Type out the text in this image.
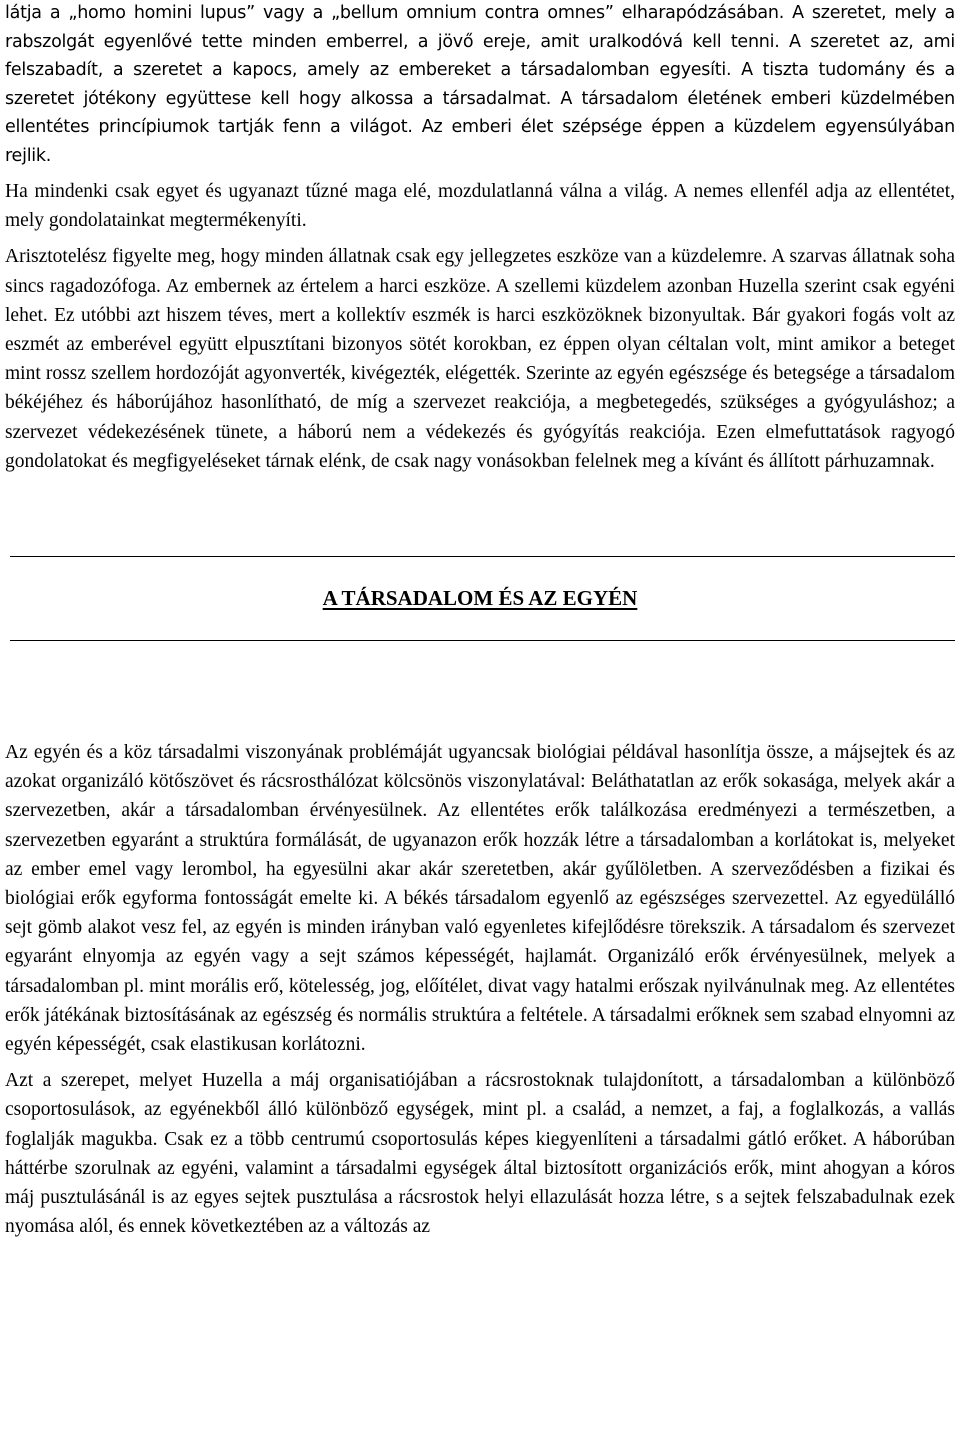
látja a „homo homini lupus” vagy a „bellum omnium contra omnes” elharapódzásában. A szeretet, mely a rabszolgát egyenlővé tette minden emberrel, a jövő ereje, amit uralkodóvá kell tenni. A szeretet az, ami felszabadít, a szeretet a kapocs, amely az embereket a társadalomban egyesíti. A tiszta tudomány és a szeretet jótékony együttese kell hogy alkossa a társadalmat. A társadalom életének emberi küzdelmében ellentétes princípiumok tartják fenn a világot. Az emberi élet szépsége éppen a küzdelem egyensúlyában rejlik.

Ha mindenki csak egyet és ugyanazt tűzné maga elé, mozdulatlanná válna a világ. A nemes ellenfél adja az ellentétet, mely gondolatainkat megtermékenyíti.

Arisztotelész figyelte meg, hogy minden állatnak csak egy jellegzetes eszköze van a küzdelemre. A szarvas állatnak soha sincs ragadozófoga. Az embernek az értelem a harci eszköze. A szellemi küzdelem azonban Huzella szerint csak egyéni lehet. Ez utóbbi azt hiszem téves, mert a kollektív eszmék is harci eszközöknek bizonyultak. Bár gyakori fogás volt az eszmét az emberével együtt elpusztítani bizonyos sötét korokban, ez éppen olyan céltalan volt, mint amikor a beteget mint rossz szellem hordozóját agyonverték, kivégezték, elégették. Szerinte az egyén egészsége és betegsége a társadalom békéjéhez és háborújához hasonlítható, de míg a szervezet reakciója, a megbetegedés, szükséges a gyógyuláshoz; a szervezet védekezésének tünete, a háború nem a védekezés és gyógyítás reakciója. Ezen elmefuttatások ragyogó gondolatokat és megfigyeléseket tárnak elénk, de csak nagy vonásokban felelnek meg a kívánt és állított párhuzamnak.

A TÁRSADALOM ÉS AZ EGYÉN

Az egyén és a köz társadalmi viszonyának problémáját ugyancsak biológiai példával hasonlítja össze, a májsejtek és az azokat organizáló kötőszövet és rácsrosthálózat kölcsönös viszonylatával: Beláthatatlan az erők sokasága, melyek akár a szervezetben, akár a társadalomban érvényesülnek. Az ellentétes erők találkozása eredményezi a természetben, a szervezetben egyaránt a struktúra formálását, de ugyanazon erők hozzák létre a társadalomban a korlátokat is, melyeket az ember emel vagy lerombol, ha egyesülni akar akár szeretetben, akár gyűlöletben. A szerveződésben a fizikai és biológiai erők egyforma fontosságát emelte ki. A békés társadalom egyenlő az egészséges szervezettel. Az egyedülálló sejt gömb alakot vesz fel, az egyén is minden irányban való egyenletes kifejlődésre törekszik. A társadalom és szervezet egyaránt elnyomja az egyén vagy a sejt számos képességét, hajlamát. Organizáló erők érvényesülnek, melyek a társadalomban pl. mint morális erő, kötelesség, jog, előítélet, divat vagy hatalmi erőszak nyilvánulnak meg. Az ellentétes erők játékának biztosításának az egészség és normális struktúra a feltétele. A társadalmi erőknek sem szabad elnyomni az egyén képességét, csak elastikusan korlátozni.

Azt a szerepet, melyet Huzella a máj organisatiójában a rácsrostoknak tulajdonított, a társadalomban a különböző csoportosulások, az egyénekből álló különböző egységek, mint pl. a család, a nemzet, a faj, a foglalkozás, a vallás foglalják magukba. Csak ez a több centrumú csoportosulás képes kiegyenlíteni a társadalmi gátló erőket. A háborúban háttérbe szorulnak az egyéni, valamint a társadalmi egységek által biztosított organizációs erők, mint ahogyan a kóros máj pusztulásánál is az egyes sejtek pusztulása a rácsrostok helyi ellazulását hozza létre, s a sejtek felszabadulnak ezek nyomása alól, és ennek következtében az a változás az
